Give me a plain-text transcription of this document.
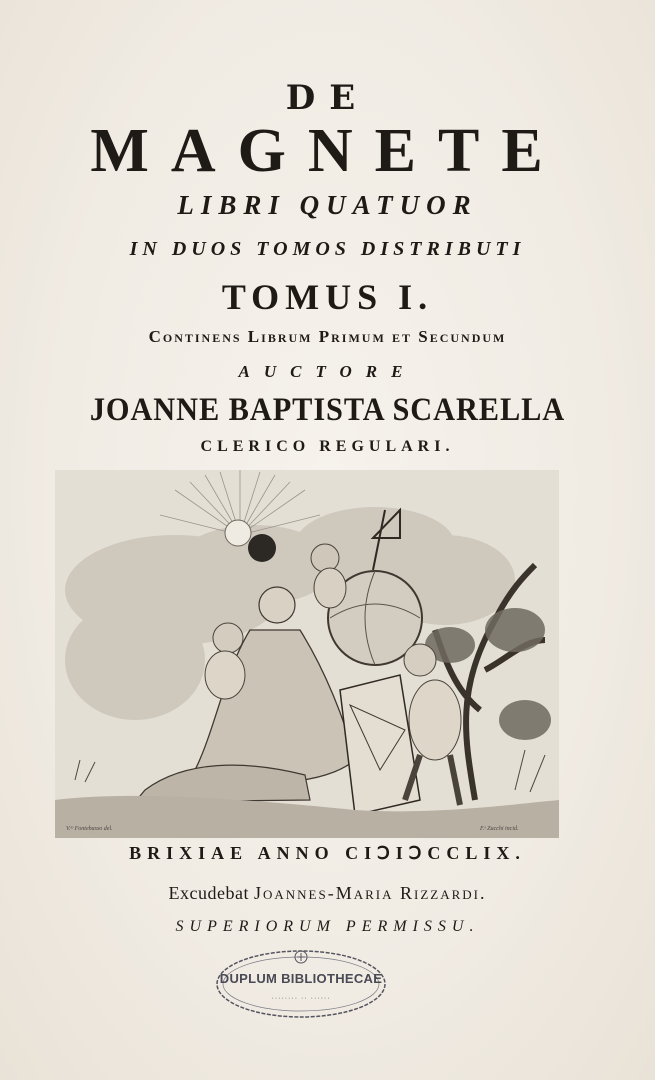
DE
MAGNETE
LIBRI QUATUOR
IN DUOS TOMOS DISTRIBUTI
TOMUS I.
Continens Librum Primum et Secundum
AUCTORE
JOANNE BAPTISTA SCARELLA
CLERICO REGULARI.
V.ᵗᵒ Fontebasso del.	F.ˢ Zucchi incid.
BRIXIAE ANNO CIↃIↃCCLIX.
Excudebat Joannes-Maria Rizzardi.
SUPERIORUM PERMISSU.
DUPLUM BIBLIOTHECAE
········ ·· ······
